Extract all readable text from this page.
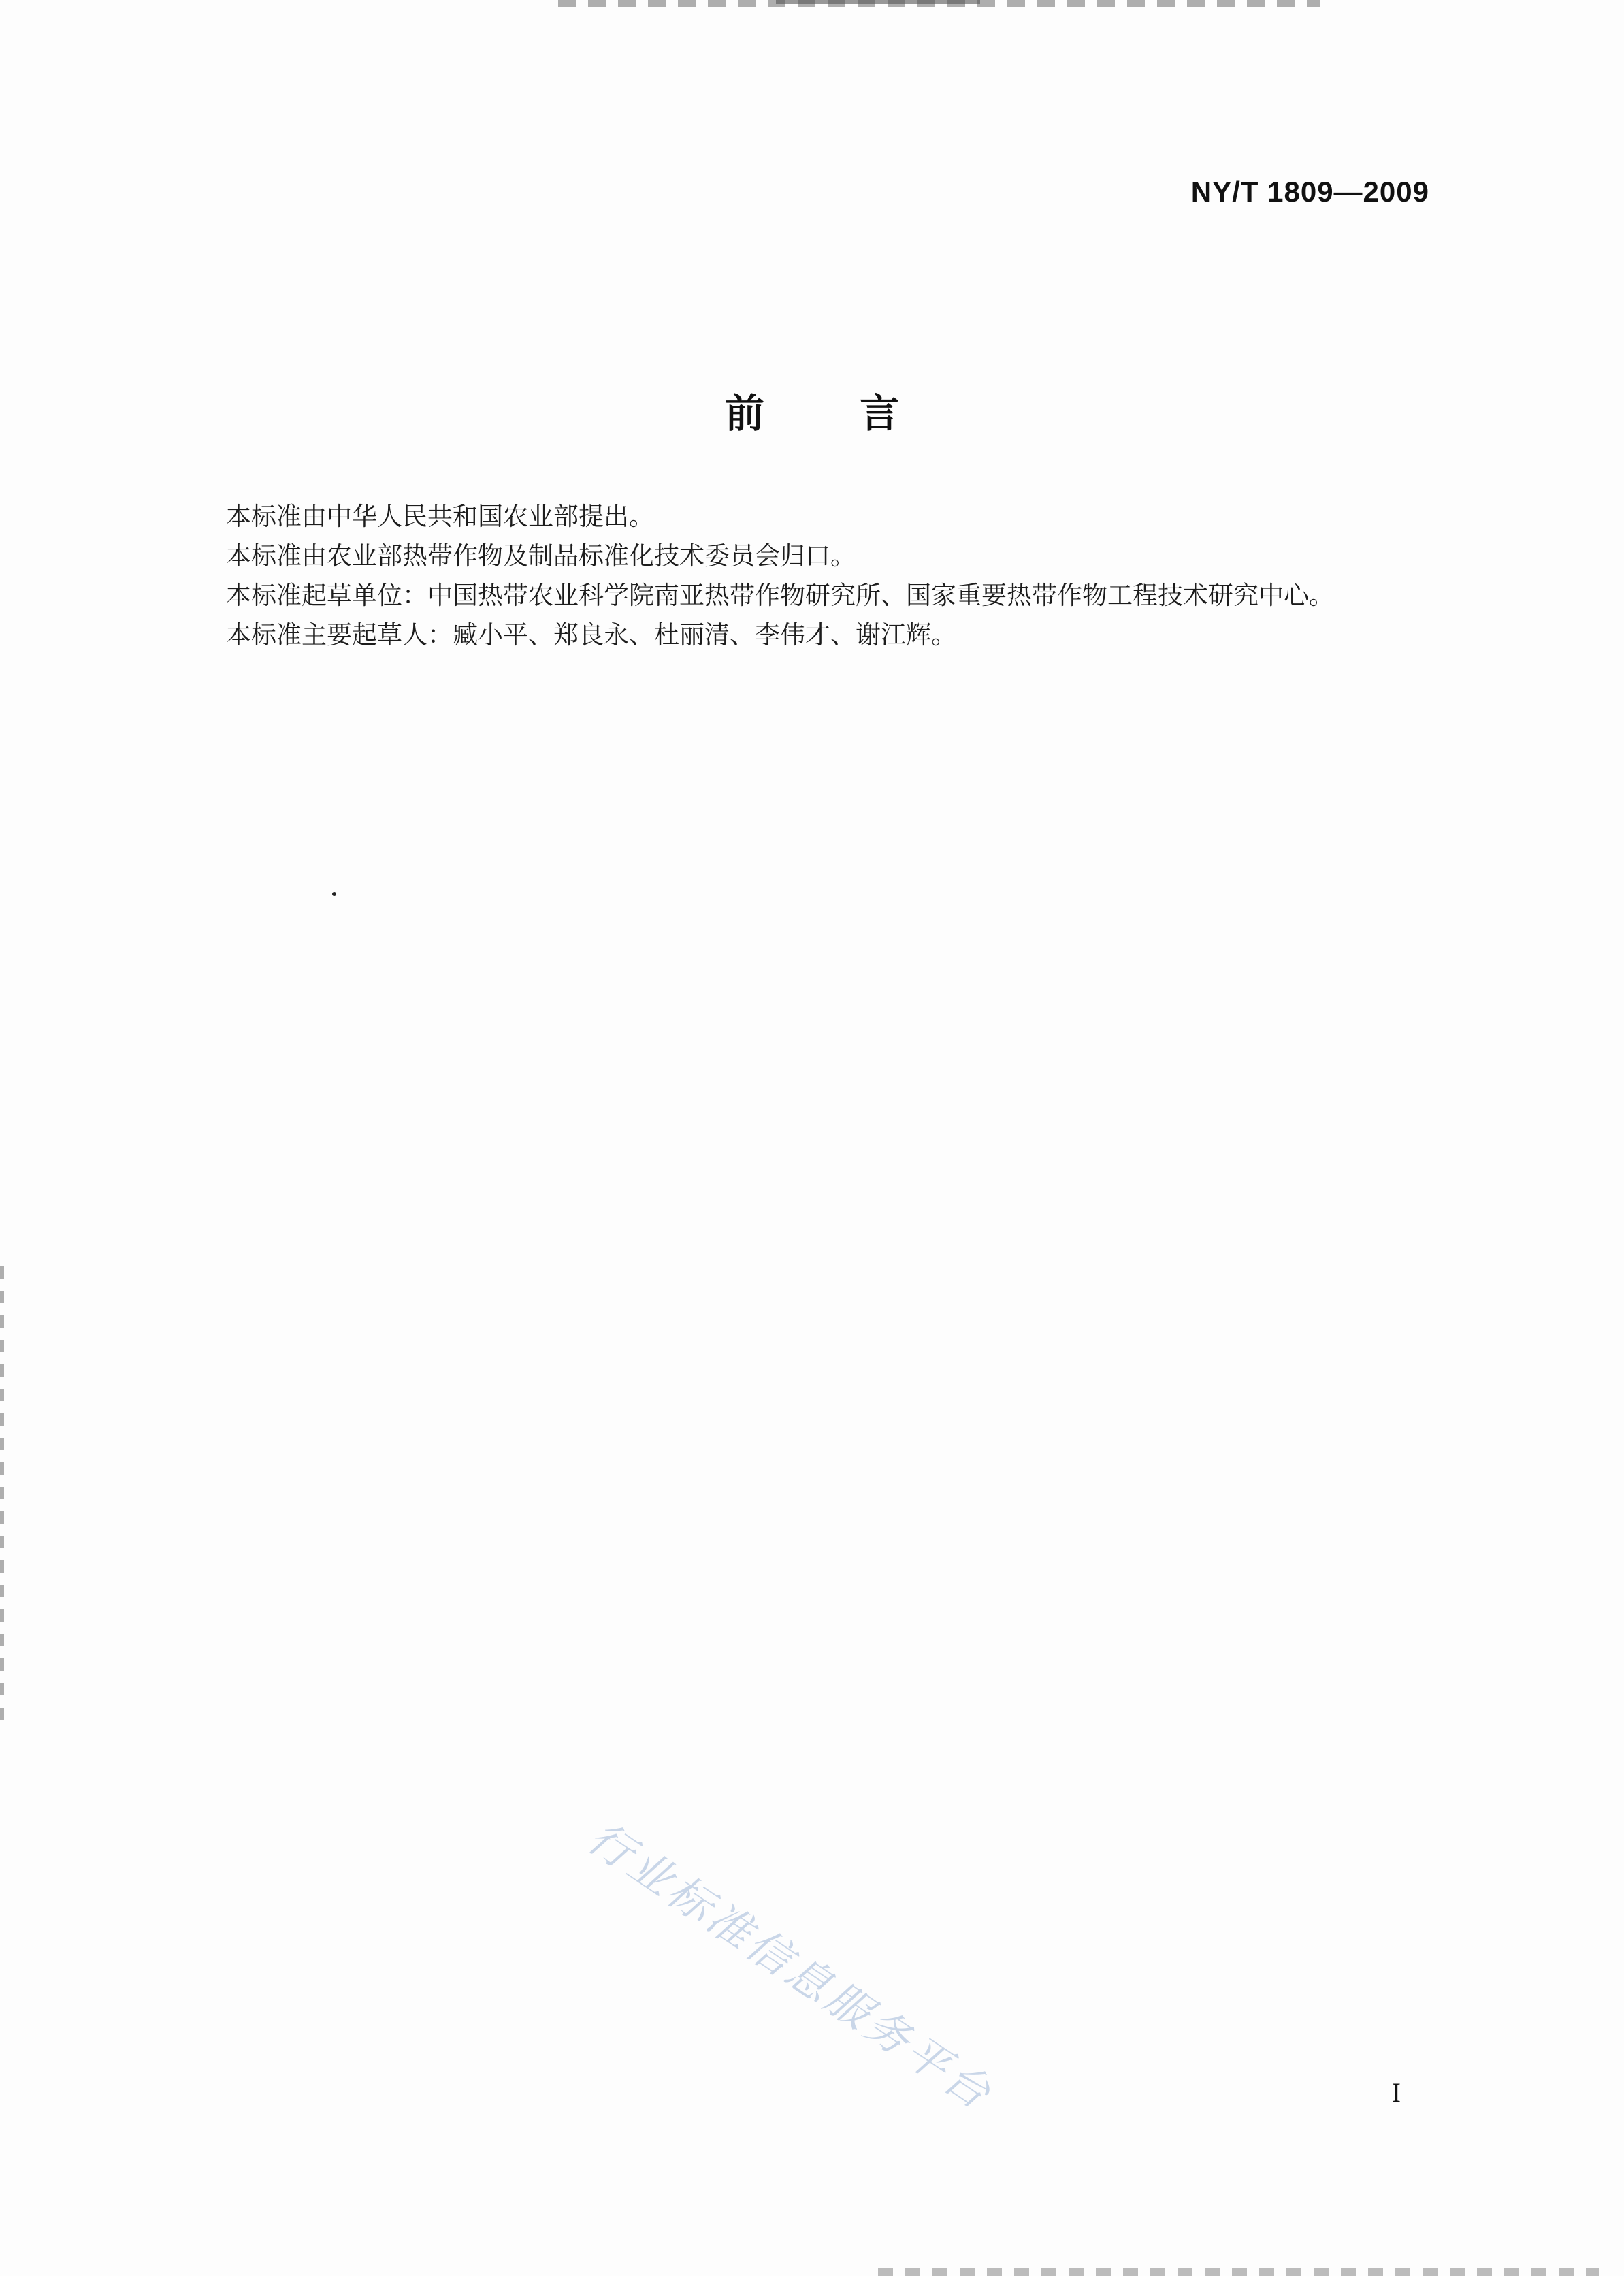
NY/T 1809—2009
前言

本标准由中华人民共和国农业部提出。

本标准由农业部热带作物及制品标准化技术委员会归口。

本标准起草单位：中国热带农业科学院南亚热带作物研究所、国家重要热带作物工程技术研究中心。

本标准主要起草人：臧小平、郑良永、杜丽清、李伟才、谢江辉。

行业标准信息服务平台	I
